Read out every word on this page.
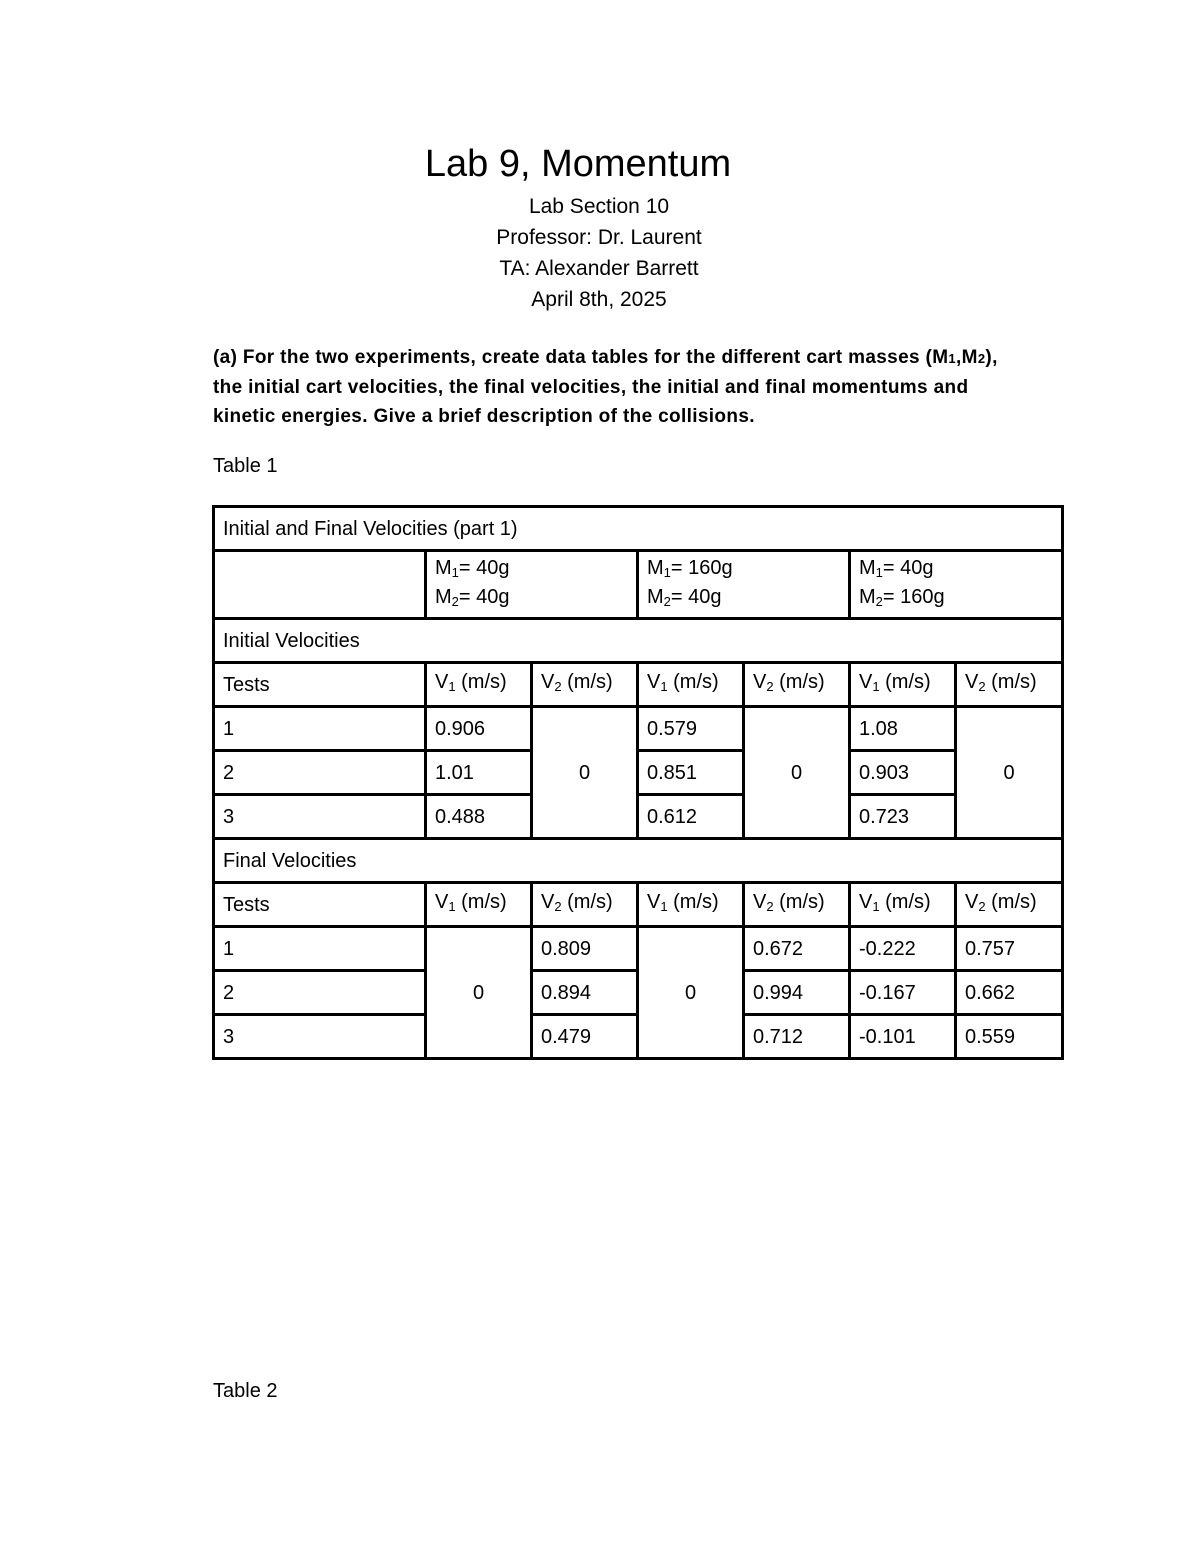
Lab 9, Momentum
Lab Section 10
Professor: Dr. Laurent
TA: Alexander Barrett
April 8th, 2025
(a) For the two experiments, create data tables for the different cart masses (M1,M2), the initial cart velocities, the final velocities, the initial and final momentums and kinetic energies. Give a brief description of the collisions.
Table 1
Initial and Final Velocities (part 1)						
	M1= 40g
M2= 40g		M1= 160g
M2= 40g		M1= 40g
M2= 160g	
Initial Velocities						
Tests	V1 (m/s)	V2 (m/s)	V1 (m/s)	V2 (m/s)	V1 (m/s)	V2 (m/s)
1	0.906	0	0.579	0	1.08	0
2	1.01		0.851		0.903	
3	0.488		0.612		0.723	
Final Velocities						
Tests	V1 (m/s)	V2 (m/s)	V1 (m/s)	V2 (m/s)	V1 (m/s)	V2 (m/s)
1	0	0.809	0	0.672	-0.222	0.757
2		0.894		0.994	-0.167	0.662
3		0.479		0.712	-0.101	0.559
Table 2
